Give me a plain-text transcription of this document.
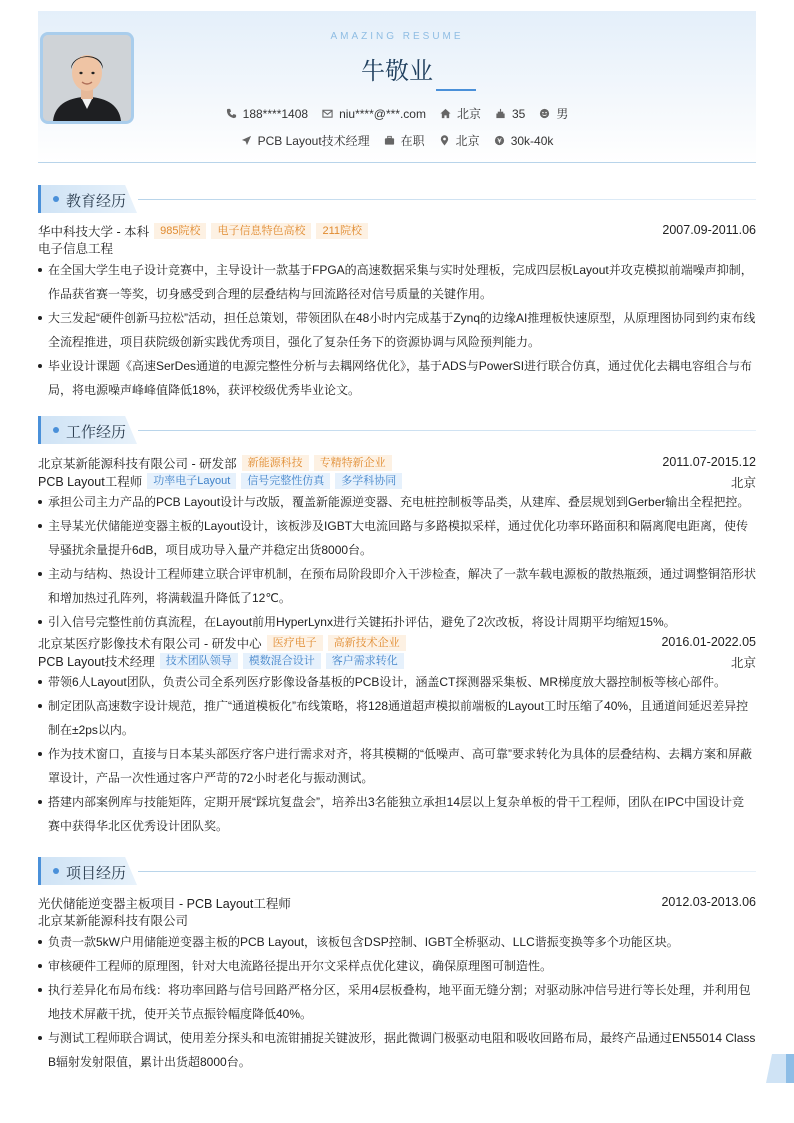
AMAZING RESUME
牛敬业
188****1408	niu****@***.com	北京	35	男
PCB Layout技术经理	在职	北京	30k-40k
教育经历
华中科技大学 - 本科	985院校	电子信息特色高校	211院校	2007.09-2011.06
电子信息工程
在全国大学生电子设计竞赛中，主导设计一款基于FPGA的高速数据采集与实时处理板，完成四层板Layout并攻克模拟前端噪声抑制，作品获省赛一等奖，切身感受到合理的层叠结构与回流路径对信号质量的关键作用。
大三发起“硬件创新马拉松”活动，担任总策划，带领团队在48小时内完成基于Zynq的边缘AI推理板快速原型，从原理图协同到约束布线全流程推进，项目获院级创新实践优秀项目，强化了复杂任务下的资源协调与风险预判能力。
毕业设计课题《高速SerDes通道的电源完整性分析与去耦网络优化》，基于ADS与PowerSI进行联合仿真，通过优化去耦电容组合与布局，将电源噪声峰峰值降低18%，获评校级优秀毕业论文。
工作经历
北京某新能源科技有限公司 - 研发部	新能源科技	专精特新企业	2011.07-2015.12
PCB Layout工程师	功率电子Layout	信号完整性仿真	多学科协同	北京
承担公司主力产品的PCB Layout设计与改版，覆盖新能源逆变器、充电桩控制板等品类，从建库、叠层规划到Gerber输出全程把控。
主导某光伏储能逆变器主板的Layout设计，该板涉及IGBT大电流回路与多路模拟采样，通过优化功率环路面积和隔离爬电距离，使传导骚扰余量提升6dB，项目成功导入量产并稳定出货8000台。
主动与结构、热设计工程师建立联合评审机制，在预布局阶段即介入干涉检查，解决了一款车载电源板的散热瓶颈，通过调整铜箔形状和增加热过孔阵列，将满载温升降低了12℃。
引入信号完整性前仿真流程，在Layout前用HyperLynx进行关键拓扑评估，避免了2次改板，将设计周期平均缩短15%。
北京某医疗影像技术有限公司 - 研发中心	医疗电子	高新技术企业	2016.01-2022.05
PCB Layout技术经理	技术团队领导	模数混合设计	客户需求转化	北京
带领6人Layout团队，负责公司全系列医疗影像设备基板的PCB设计，涵盖CT探测器采集板、MR梯度放大器控制板等核心部件。
制定团队高速数字设计规范，推广“通道模板化”布线策略，将128通道超声模拟前端板的Layout工时压缩了40%，且通道间延迟差异控制在±2ps以内。
作为技术窗口，直接与日本某头部医疗客户进行需求对齐，将其模糊的“低噪声、高可靠”要求转化为具体的层叠结构、去耦方案和屏蔽罩设计，产品一次性通过客户严苛的72小时老化与振动测试。
搭建内部案例库与技能矩阵，定期开展“踩坑复盘会”，培养出3名能独立承担14层以上复杂单板的骨干工程师，团队在IPC中国设计竞赛中获得华北区优秀设计团队奖。
项目经历
光伏储能逆变器主板项目 - PCB Layout工程师	2012.03-2013.06
北京某新能源科技有限公司
负责一款5kW户用储能逆变器主板的PCB Layout，该板包含DSP控制、IGBT全桥驱动、LLC谐振变换等多个功能区块。
审核硬件工程师的原理图，针对大电流路径提出开尔文采样点优化建议，确保原理图可制造性。
执行差异化布局布线：将功率回路与信号回路严格分区，采用4层板叠构，地平面无缝分割；对驱动脉冲信号进行等长处理，并利用包地技术屏蔽干扰，使开关节点振铃幅度降低40%。
与测试工程师联合调试，使用差分探头和电流钳捕捉关键波形，据此微调门极驱动电阻和吸收回路布局，最终产品通过EN55014 Class B辐射发射限值，累计出货超8000台。
